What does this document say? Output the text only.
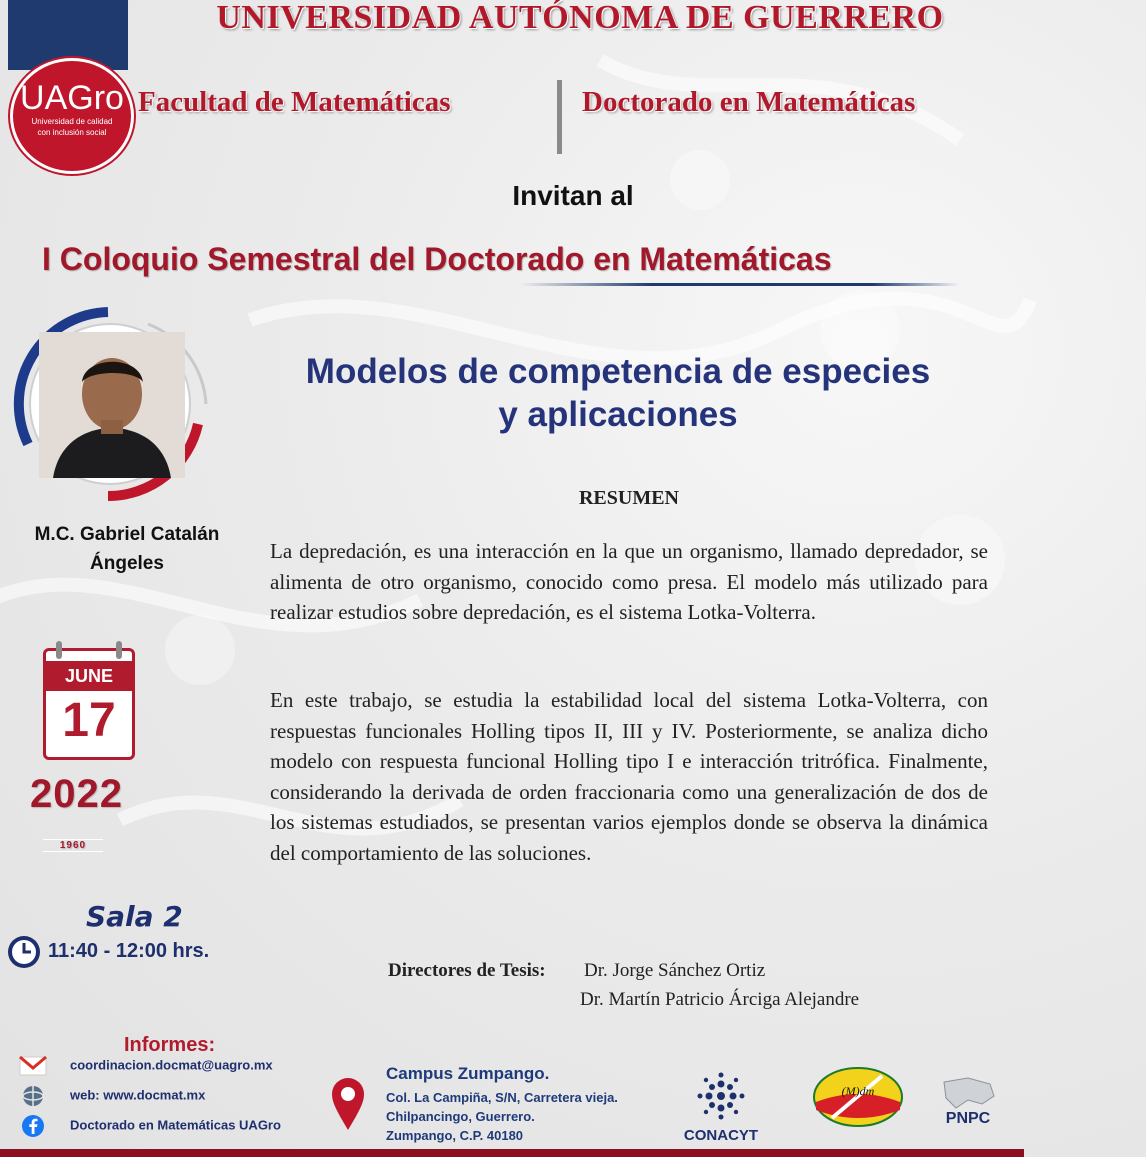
UNIVERSIDAD AUTÓNOMA DE GUERRERO
UAGro
Universidad de calidad
con inclusión social
1960
Facultad de Matemáticas	Doctorado en Matemáticas
Invitan al
I Coloquio Semestral del Doctorado en Matemáticas
M.C. Gabriel Catalán Ángeles
Modelos de competencia de especies
y aplicaciones
RESUMEN

La depredación, es una interacción en la que un organismo, llamado depredador, se alimenta de otro organismo, conocido como presa. El modelo más utilizado para realizar estudios sobre depredación, es el sistema Lotka-Volterra.

En este trabajo, se estudia la estabilidad local del sistema Lotka-Volterra, con respuestas funcionales Holling tipos II, III y IV. Posteriormente, se analiza dicho modelo con respuesta funcional Holling tipo I e interacción tritrófica. Finalmente, considerando la derivada de orden fraccionaria como una generalización de dos de los sistemas estudiados, se presentan varios ejemplos donde se observa la dinámica del comportamiento de las soluciones.

JUNE
17
2022
Sala 2
11:40 - 12:00 hrs.
Directores de Tesis: Dr. Jorge Sánchez Ortiz
Dr. Martín Patricio Árciga Alejandre
Informes:
coordinacion.docmat@uagro.mx
web: www.docmat.mx
Doctorado en Matemáticas UAGro
Campus Zumpango.
Col. La Campiña, S/N, Carretera vieja.
Chilpancingo, Guerrero.
Zumpango, C.P. 40180	CONACYT
(M)dm
PNPC
